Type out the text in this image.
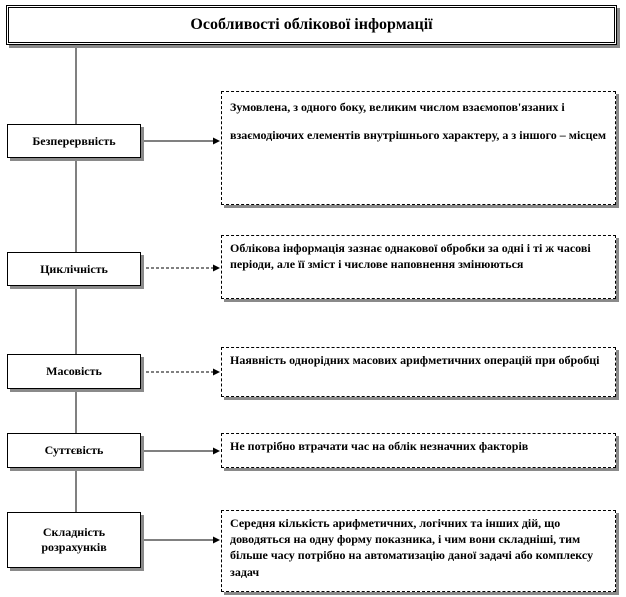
Особливості облікової інформації
Безперервність
Циклічність
Масовість
Суттєвість
Складність розрахунків
Зумовлена, з одного боку, великим числом взаємопов'язаних і взаємодіючих елементів внутрішнього характеру, а з іншого – місцем
Облікова інформація зазнає однакової обробки за одні і ті ж часові періоди, але її зміст і числове наповнення змінюються
Наявність однорідних масових арифметичних операцій при обробці
Не потрібно втрачати час на облік незначних факторів
Середня кількість арифметичних, логічних та інших дій, що доводяться на одну форму показника, і чим вони складніші, тим більше часу потрібно на автоматизацію даної задачі або комплексу задач
